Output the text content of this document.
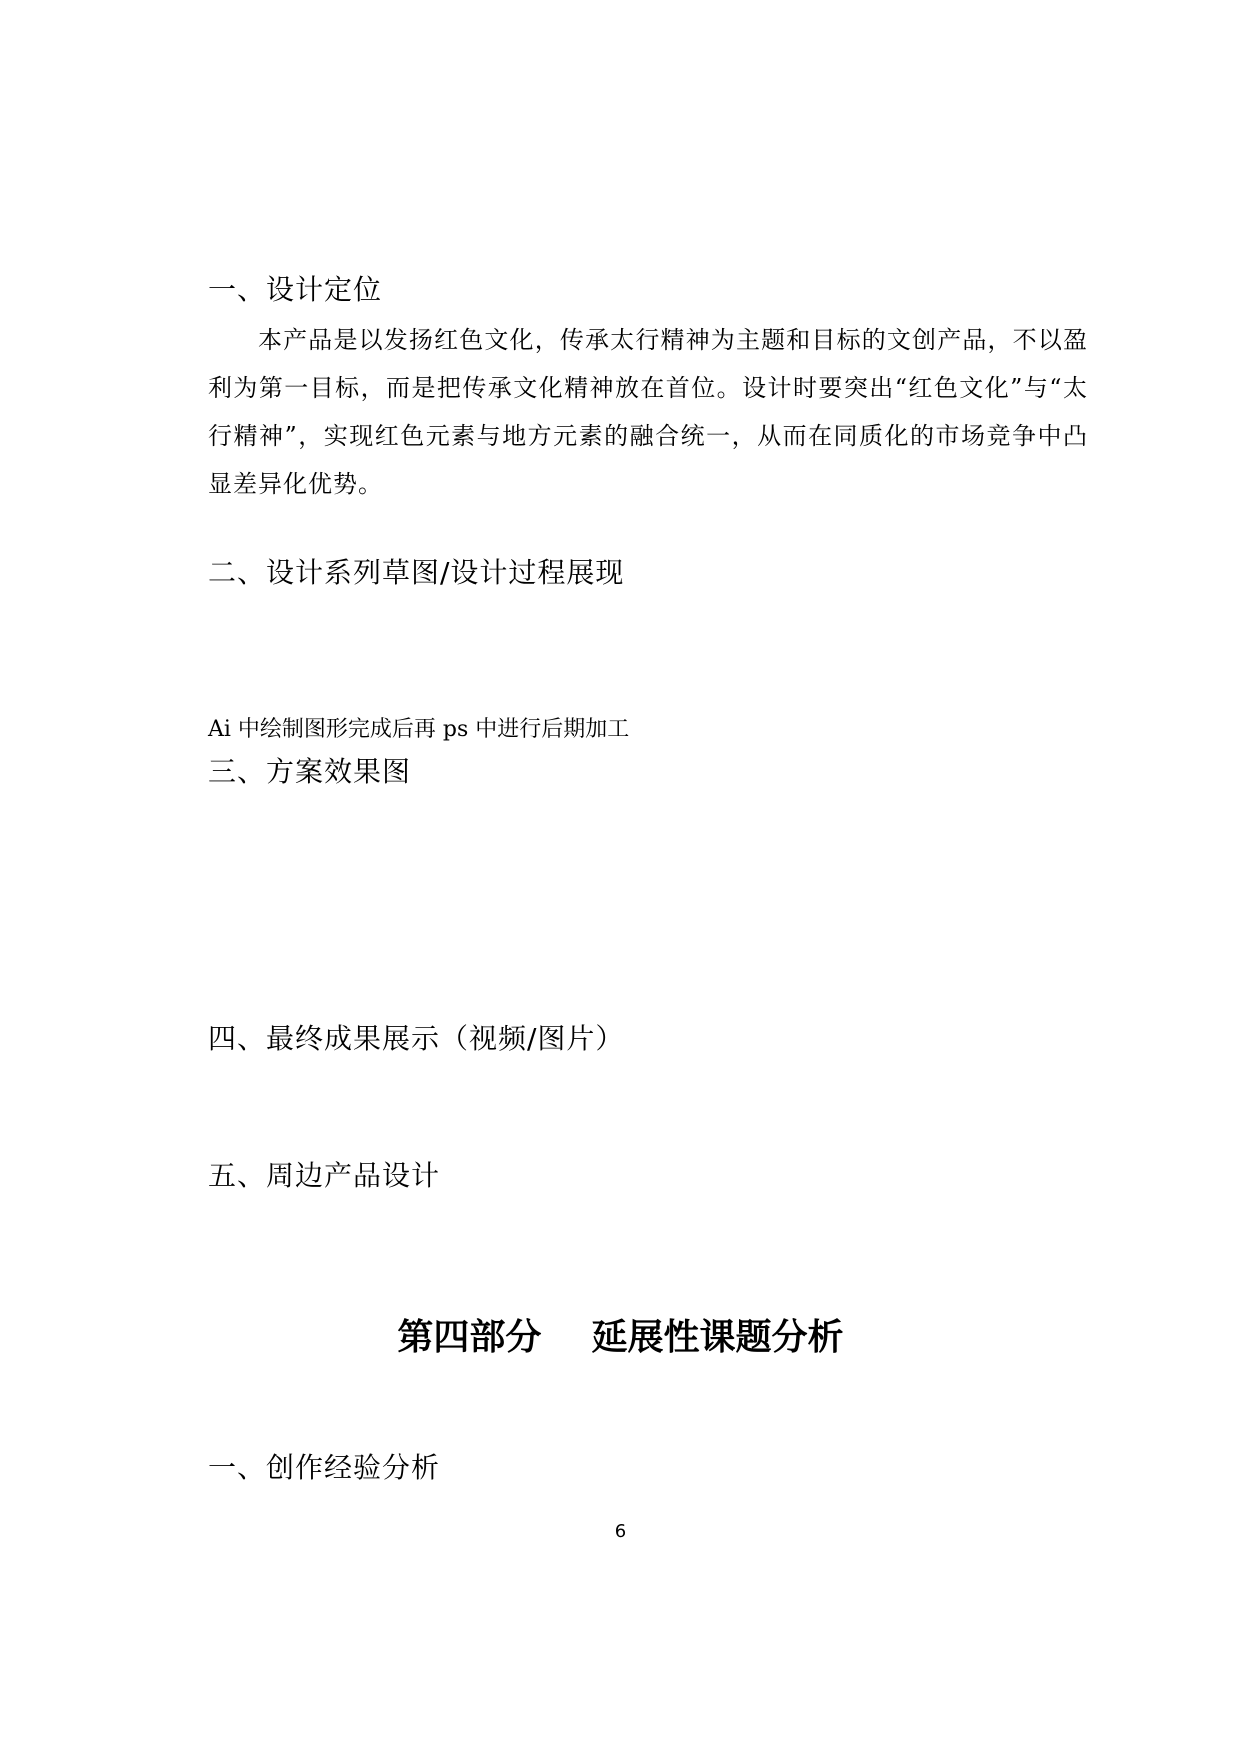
一、设计定位
本产品是以发扬红色文化，传承太行精神为主题和目标的文创产品，不以盈利为第一目标，而是把传承文化精神放在首位。设计时要突出“红色文化”与“太行精神”，实现红色元素与地方元素的融合统一，从而在同质化的市场竞争中凸显差异化优势。
二、设计系列草图/设计过程展现
Ai 中绘制图形完成后再 ps 中进行后期加工
三、方案效果图
四、最终成果展示（视频/图片）
五、周边产品设计
第四部分    延展性课题分析
一、创作经验分析
6
